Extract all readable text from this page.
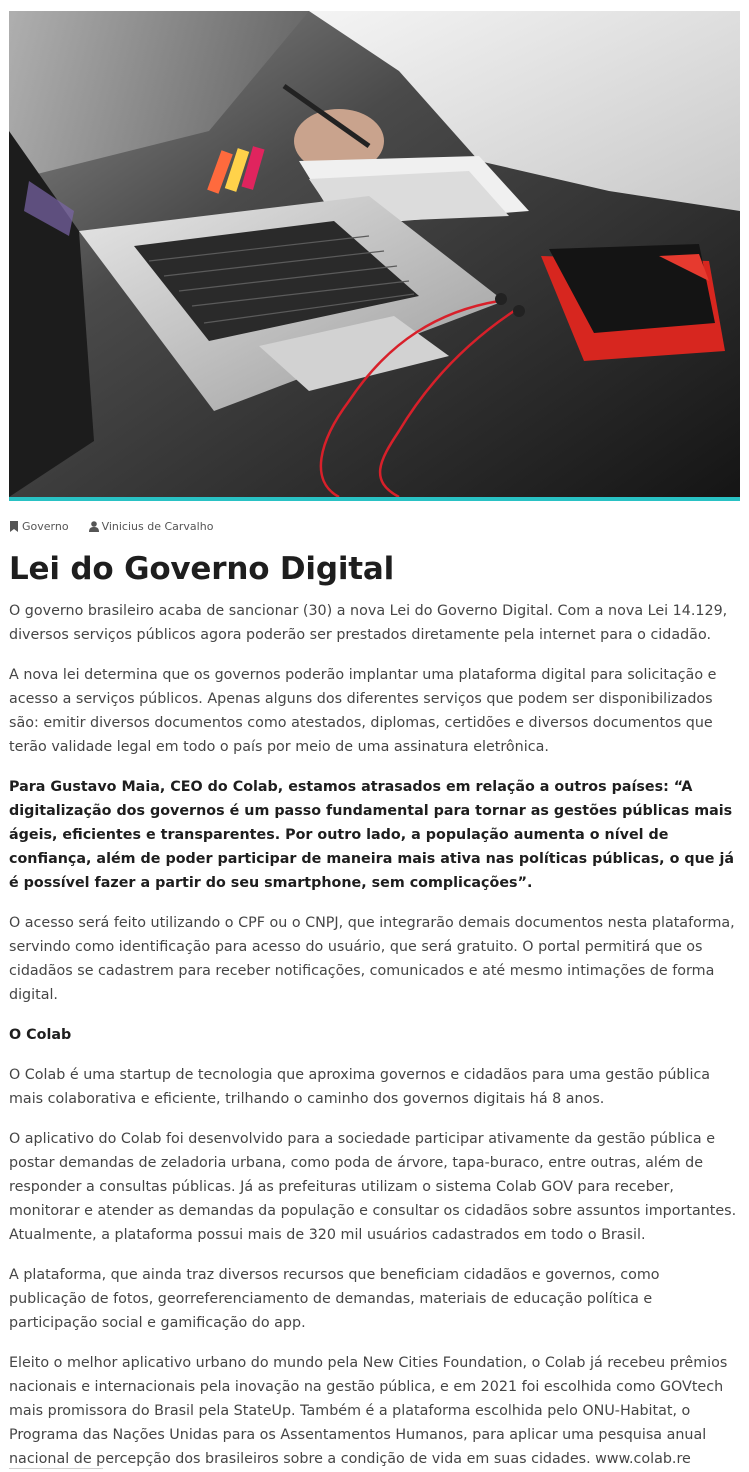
Governo	Vinicius de Carvalho
Lei do Governo Digital

O governo brasileiro acaba de sancionar (30) a nova Lei do Governo Digital. Com a nova Lei 14.129, diversos serviços públicos agora poderão ser prestados diretamente pela internet para o cidadão.

A nova lei determina que os governos poderão implantar uma plataforma digital para solicitação e acesso a serviços públicos. Apenas alguns dos diferentes serviços que podem ser disponibilizados são: emitir diversos documentos como atestados, diplomas, certidões e diversos documentos que terão validade legal em todo o país por meio de uma assinatura eletrônica.

Para Gustavo Maia, CEO do Colab, estamos atrasados em relação a outros países: “A digitalização dos governos é um passo fundamental para tornar as gestões públicas mais ágeis, eficientes e transparentes. Por outro lado, a população aumenta o nível de confiança, além de poder participar de maneira mais ativa nas políticas públicas, o que já é possível fazer a partir do seu smartphone, sem complicações”.

O acesso será feito utilizando o CPF ou o CNPJ, que integrarão demais documentos nesta plataforma, servindo como identificação para acesso do usuário, que será gratuito. O portal permitirá que os cidadãos se cadastrem para receber notificações, comunicados e até mesmo intimações de forma digital.

O Colab

O Colab é uma startup de tecnologia que aproxima governos e cidadãos para uma gestão pública mais colaborativa e eficiente, trilhando o caminho dos governos digitais há 8 anos.

O aplicativo do Colab foi desenvolvido para a sociedade participar ativamente da gestão pública e postar demandas de zeladoria urbana, como poda de árvore, tapa-buraco, entre outras, além de responder a consultas públicas. Já as prefeituras utilizam o sistema Colab GOV para receber, monitorar e atender as demandas da população e consultar os cidadãos sobre assuntos importantes. Atualmente, a plataforma possui mais de 320 mil usuários cadastrados em todo o Brasil.

A plataforma, que ainda traz diversos recursos que beneficiam cidadãos e governos, como publicação de fotos, georreferenciamento de demandas, materiais de educação política e participação social e gamificação do app.

Eleito o melhor aplicativo urbano do mundo pela New Cities Foundation, o Colab já recebeu prêmios nacionais e internacionais pela inovação na gestão pública, e em 2021 foi escolhida como GOVtech mais promissora do Brasil pela StateUp. Também é a plataforma escolhida pelo ONU-Habitat, o Programa das Nações Unidas para os Assentamentos Humanos, para aplicar uma pesquisa anual nacional de percepção dos brasileiros sobre a condição de vida em suas cidades. www.colab.re
